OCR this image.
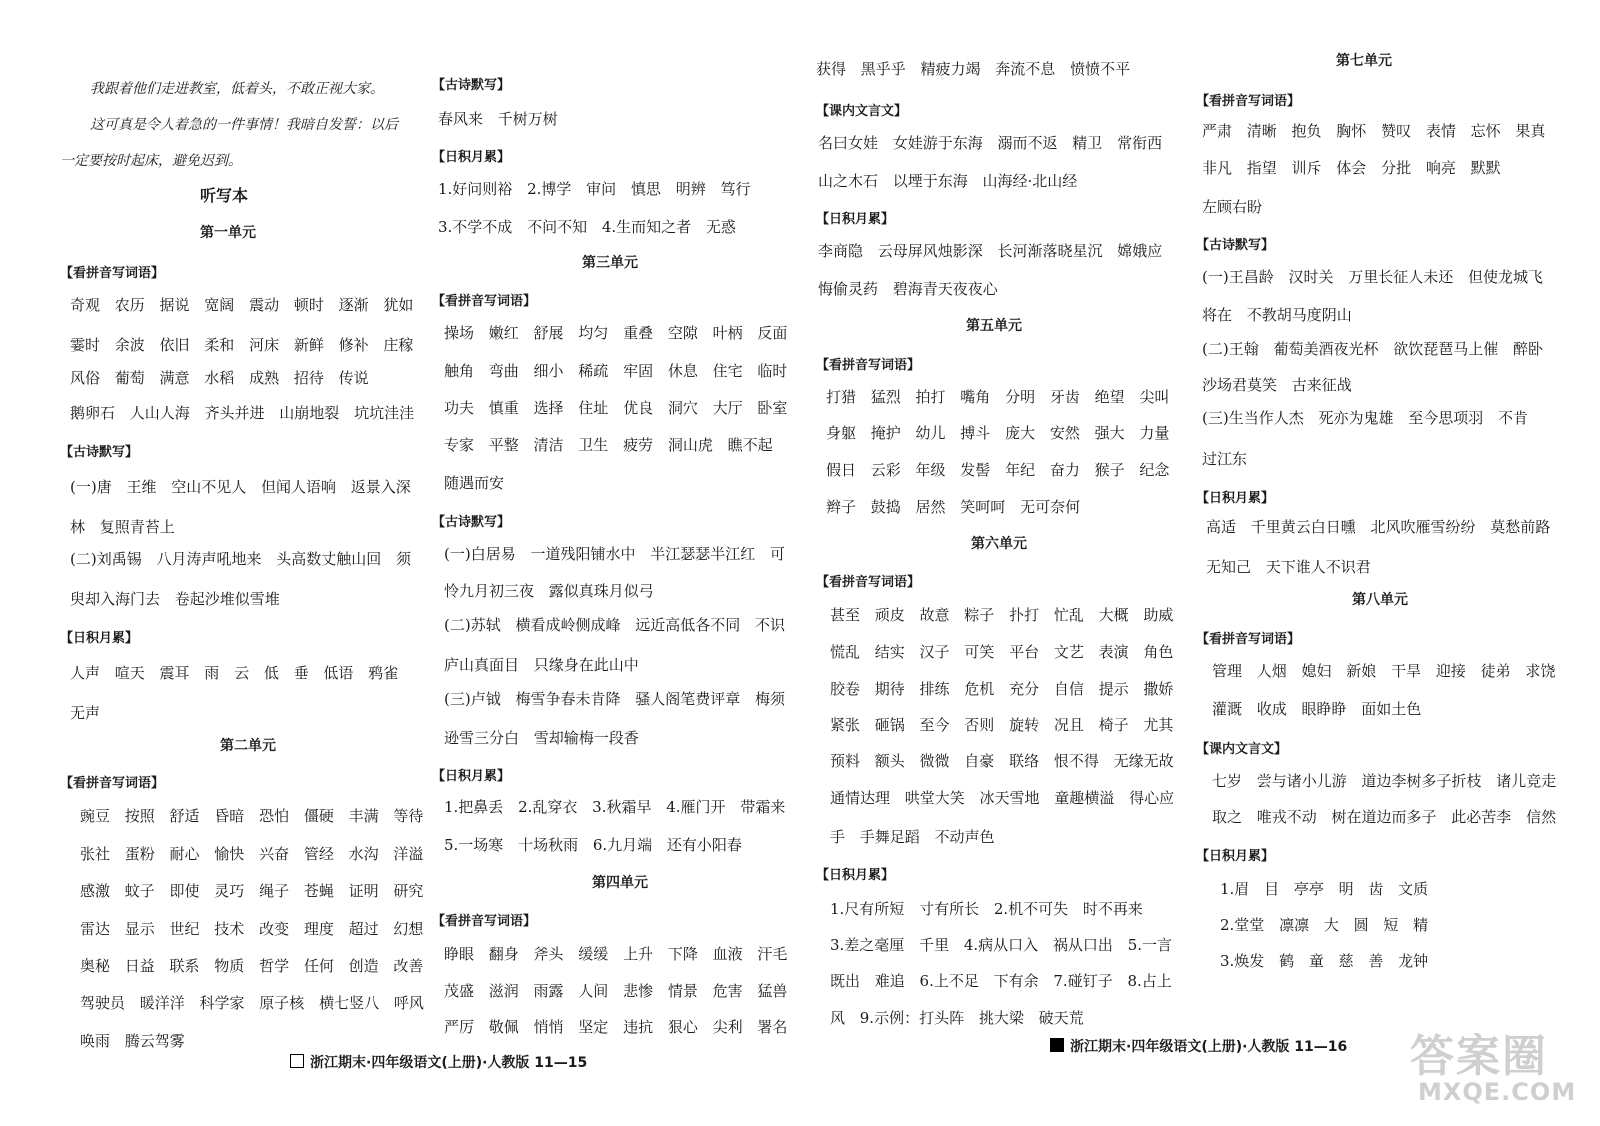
我跟着他们走进教室，低着头，不敢正视大家。
这可真是令人着急的一件事情！我暗自发誓：以后
一定要按时起床，避免迟到。
听写本
第一单元
【看拼音写词语】
奇观 农历 据说 宽阔 震动 顿时 逐渐 犹如
霎时 余波 依旧 柔和 河床 新鲜 修补 庄稼
风俗 葡萄 满意 水稻 成熟 招待 传说
鹅卵石 人山人海 齐头并进 山崩地裂 坑坑洼洼
【古诗默写】
(一)唐 王维 空山不见人 但闻人语响 返景入深
林 复照青苔上
(二)刘禹锡 八月涛声吼地来 头高数丈触山回 须
臾却入海门去 卷起沙堆似雪堆
【日积月累】
人声 喧天 震耳 雨 云 低 垂 低语 鸦雀
无声
第二单元
【看拼音写词语】
豌豆 按照 舒适 昏暗 恐怕 僵硬 丰满 等待
张社 蛋粉 耐心 愉快 兴奋 管经 水沟 洋溢
感激 蚊子 即使 灵巧 绳子 苍蝇 证明 研究
雷达 显示 世纪 技术 改变 理度 超过 幻想
奥秘 日益 联系 物质 哲学 任何 创造 改善
驾驶员 暖洋洋 科学家 原子核 横七竖八 呼风
唤雨 腾云驾雾
浙江期末·四年级语文(上册)·人教版 11—15
【古诗默写】
春风来 千树万树
【日积月累】
1.好问则裕 2.博学 审问 慎思 明辨 笃行
3.不学不成 不问不知 4.生而知之者 无惑
第三单元
【看拼音写词语】
操场 嫩红 舒展 均匀 重叠 空隙 叶柄 反面
触角 弯曲 细小 稀疏 牢固 休息 住宅 临时
功夫 慎重 选择 住址 优良 洞穴 大厅 卧室
专家 平整 清洁 卫生 疲劳 洞山虎 瞧不起
随遇而安
【古诗默写】
(一)白居易 一道残阳铺水中 半江瑟瑟半江红 可
怜九月初三夜 露似真珠月似弓
(二)苏轼 横看成岭侧成峰 远近高低各不同 不识
庐山真面目 只缘身在此山中
(三)卢钺 梅雪争春未肯降 骚人阁笔费评章 梅须
逊雪三分白 雪却输梅一段香
【日积月累】
1.把鼻丢 2.乱穿衣 3.秋霜早 4.雁门开 带霜来
5.一场寒 十场秋雨 6.九月端 还有小阳春
第四单元
【看拼音写词语】
睁眼 翻身 斧头 缓缓 上升 下降 血液 汗毛
茂盛 滋润 雨露 人间 悲惨 情景 危害 猛兽
严厉 敬佩 悄悄 坚定 违抗 狠心 尖利 署名
获得 黑乎乎 精疲力竭 奔流不息 愤愤不平
【课内文言文】
名曰女娃 女娃游于东海 溺而不返 精卫 常衔西
山之木石 以堙于东海 山海经·北山经
【日积月累】
李商隐 云母屏风烛影深 长河渐落晓星沉 嫦娥应
悔偷灵药 碧海青天夜夜心
第五单元
【看拼音写词语】
打猎 猛烈 拍打 嘴角 分明 牙齿 绝望 尖叫
身躯 掩护 幼儿 搏斗 庞大 安然 强大 力量
假日 云彩 年级 发髻 年纪 奋力 猴子 纪念
辫子 鼓捣 居然 笑呵呵 无可奈何
第六单元
【看拼音写词语】
甚至 顽皮 故意 粽子 扑打 忙乱 大概 助威
慌乱 结实 汉子 可笑 平台 文艺 表演 角色
胶卷 期待 排练 危机 充分 自信 提示 撒娇
紧张 砸锅 至今 否则 旋转 况且 椅子 尤其
预料 额头 微微 自豪 联络 恨不得 无缘无故
通情达理 哄堂大笑 冰天雪地 童趣横溢 得心应
手 手舞足蹈 不动声色
【日积月累】
1.尺有所短 寸有所长 2.机不可失 时不再来
3.差之毫厘 千里 4.病从口入 祸从口出 5.一言
既出 难追 6.上不足 下有余 7.碰钉子 8.占上
风 9.示例：打头阵 挑大梁 破天荒
浙江期末·四年级语文(上册)·人教版 11—16
第七单元
【看拼音写词语】
严肃 清晰 抱负 胸怀 赞叹 表情 忘怀 果真
非凡 指望 训斥 体会 分批 响亮 默默
左顾右盼
【古诗默写】
(一)王昌龄 汉时关 万里长征人未还 但使龙城飞
将在 不教胡马度阴山
(二)王翰 葡萄美酒夜光杯 欲饮琵琶马上催 醉卧
沙场君莫笑 古来征战
(三)生当作人杰 死亦为鬼雄 至今思项羽 不肯
过江东
【日积月累】
高适 千里黄云白日曛 北风吹雁雪纷纷 莫愁前路
无知己 天下谁人不识君
第八单元
【看拼音写词语】
管理 人烟 媳妇 新娘 干旱 迎接 徒弟 求饶
灌溉 收成 眼睁睁 面如土色
【课内文言文】
七岁 尝与诸小儿游 道边李树多子折枝 诸儿竞走
取之 唯戎不动 树在道边而多子 此必苦李 信然
【日积月累】
1.眉 目 亭亭 明 齿 文质
2.堂堂 凛凛 大 圆 短 精
3.焕发 鹤 童 慈 善 龙钟
答案圈
MXQE.COM
